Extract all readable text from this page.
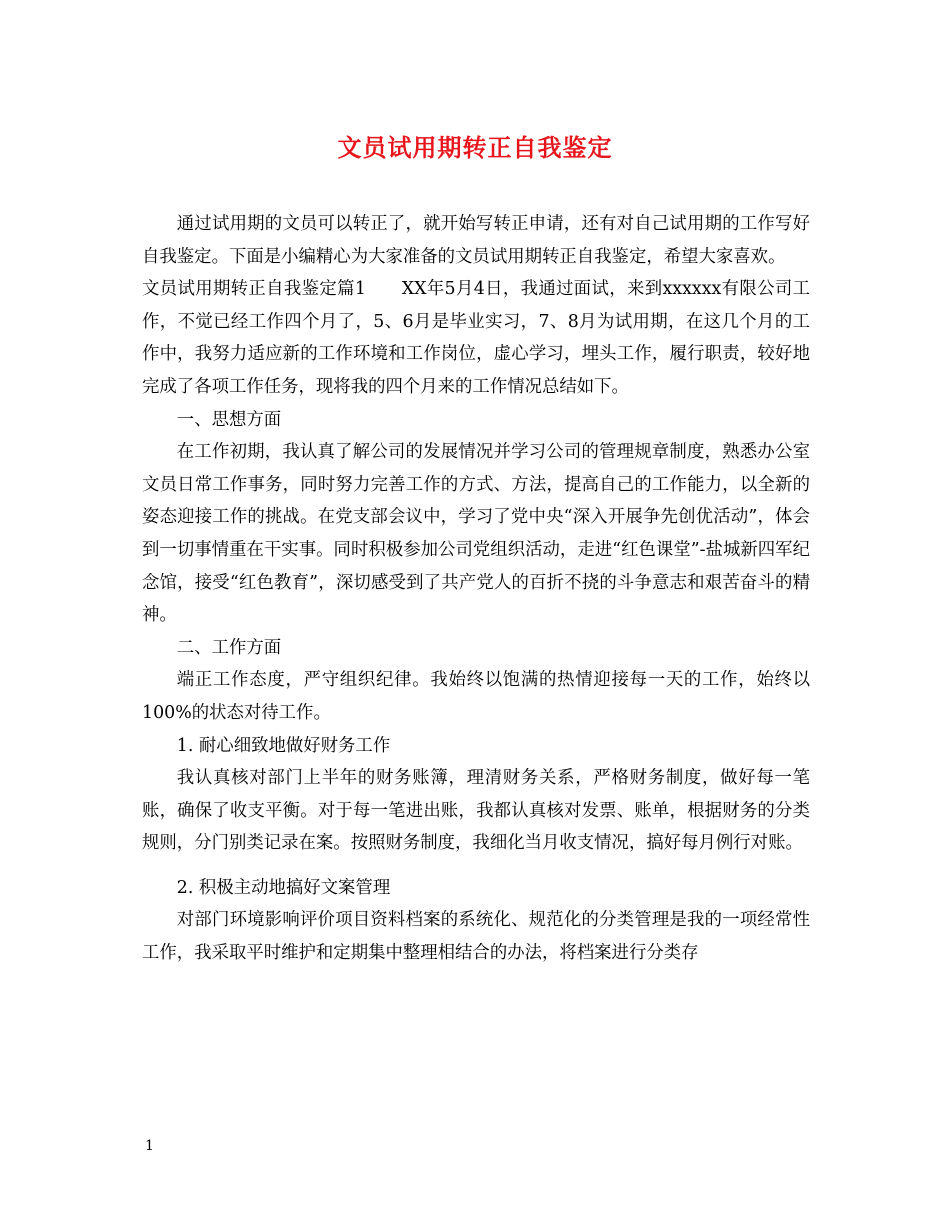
文员试用期转正自我鉴定

通过试用期的文员可以转正了，就开始写转正申请，还有对自己试用期的工作写好自我鉴定。下面是小编精心为大家准备的文员试用期转正自我鉴定，希望大家喜欢。

文员试用期转正自我鉴定篇1　　XX年5月4日，我通过面试，来到xxxxxx有限公司工作，不觉已经工作四个月了，5、6月是毕业实习，7、8月为试用期，在这几个月的工作中，我努力适应新的工作环境和工作岗位，虚心学习，埋头工作，履行职责，较好地完成了各项工作任务，现将我的四个月来的工作情况总结如下。

一、思想方面

在工作初期，我认真了解公司的发展情况并学习公司的管理规章制度，熟悉办公室文员日常工作事务，同时努力完善工作的方式、方法，提高自己的工作能力，以全新的姿态迎接工作的挑战。在党支部会议中，学习了党中央“深入开展争先创优活动”，体会到一切事情重在干实事。同时积极参加公司党组织活动，走进“红色课堂”-盐城新四军纪念馆，接受“红色教育”，深切感受到了共产党人的百折不挠的斗争意志和艰苦奋斗的精神。

二、工作方面

端正工作态度，严守组织纪律。我始终以饱满的热情迎接每一天的工作，始终以100%的状态对待工作。

1. 耐心细致地做好财务工作

我认真核对部门上半年的财务账簿，理清财务关系，严格财务制度，做好每一笔账，确保了收支平衡。对于每一笔进出账，我都认真核对发票、账单，根据财务的分类规则，分门别类记录在案。按照财务制度，我细化当月收支情况，搞好每月例行对账。

2. 积极主动地搞好文案管理

对部门环境影响评价项目资料档案的系统化、规范化的分类管理是我的一项经常性工作，我采取平时维护和定期集中整理相结合的办法，将档案进行分类存

1
